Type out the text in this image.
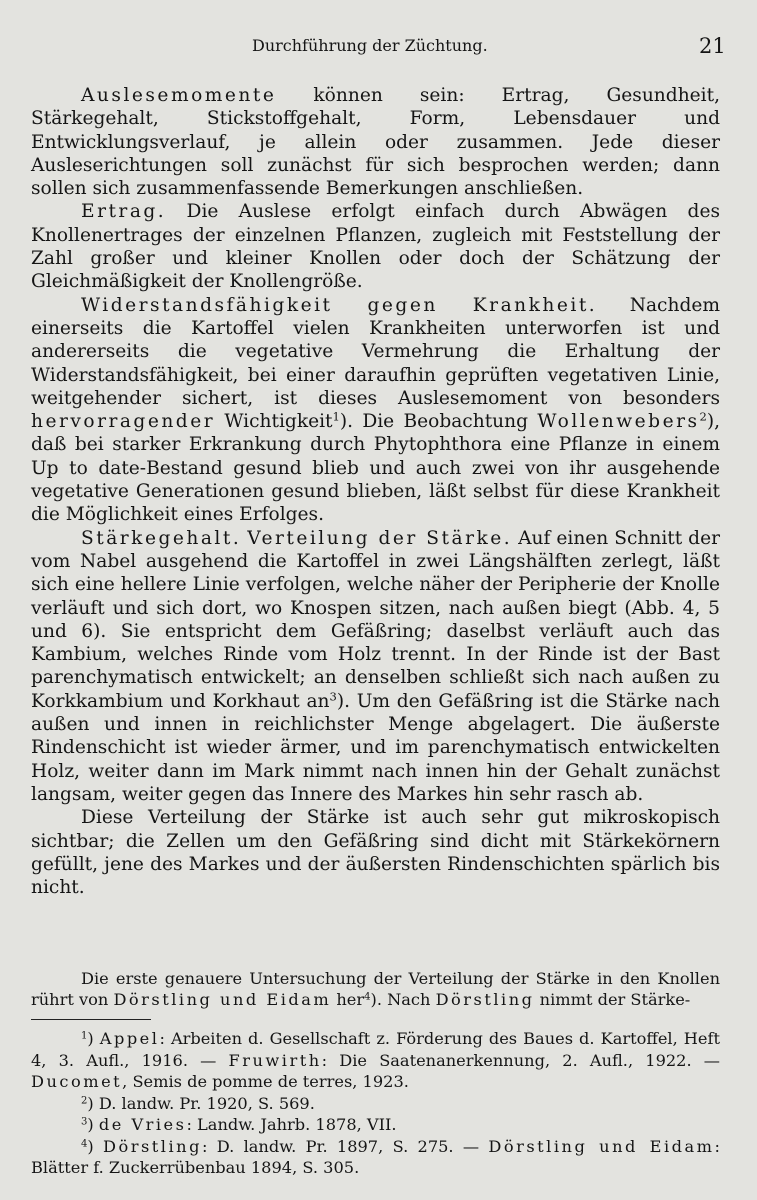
Durchführung der Züchtung.	21

Auslesemomente können sein: Ertrag, Gesundheit, Stärkegehalt, Stickstoffgehalt, Form, Lebensdauer und Entwicklungsverlauf, je allein oder zusammen. Jede dieser Ausleserichtungen soll zunächst für sich besprochen werden; dann sollen sich zusammenfassende Bemerkungen anschließen.

Ertrag. Die Auslese erfolgt einfach durch Abwägen des Knollenertrages der einzelnen Pflanzen, zugleich mit Feststellung der Zahl großer und kleiner Knollen oder doch der Schätzung der Gleichmäßigkeit der Knollengröße.

Widerstandsfähigkeit gegen Krankheit. Nachdem einerseits die Kartoffel vielen Krankheiten unterworfen ist und andererseits die vegetative Vermehrung die Erhaltung der Widerstandsfähigkeit, bei einer daraufhin geprüften vegetativen Linie, weitgehender sichert, ist dieses Auslesemoment von besonders hervorragender Wichtigkeit$^1$). Die Beobachtung Wollenwebers$^2$), daß bei starker Erkrankung durch Phytophthora eine Pflanze in einem Up to date-Bestand gesund blieb und auch zwei von ihr ausgehende vegetative Generationen gesund blieben, läßt selbst für diese Krankheit die Möglichkeit eines Erfolges.

Stärkegehalt. Verteilung der Stärke. Auf einen Schnitt der vom Nabel ausgehend die Kartoffel in zwei Längshälften zerlegt, läßt sich eine hellere Linie verfolgen, welche näher der Peripherie der Knolle verläuft und sich dort, wo Knospen sitzen, nach außen biegt (Abb. 4, 5 und 6). Sie entspricht dem Gefäßring; daselbst verläuft auch das Kambium, welches Rinde vom Holz trennt. In der Rinde ist der Bast parenchymatisch entwickelt; an denselben schließt sich nach außen zu Korkkambium und Korkhaut $an^3$). Um den Gefäßring ist die Stärke nach außen und innen in reichlichster Menge abgelagert. Die äußerste Rindenschicht ist wieder ärmer, und im parenchymatisch entwickelten Holz, weiter dann im Mark nimmt nach innen hin der Gehalt zunächst langsam, weiter gegen das Innere des Markes hin sehr rasch ab.

Diese Verteilung der Stärke ist auch sehr gut mikroskopisch sichtbar; die Zellen um den Gefäßring sind dicht mit Stärkekörnern gefüllt, jene des Markes und der äußersten Rindenschichten spärlich bis nicht.

Die erste genauere Untersuchung der Verteilung der Stärke in den Knollen rührt von Dörstling und Eidam her$^4$). Nach Dörstling nimmt der Stärke-

$^1$) Appel: Arbeiten d. Gesellschaft z. Förderung des Baues d. Kartoffel, Heft 4, 3. Aufl., 1916. — Fruwirth: Die Saatenanerkennung, 2. Aufl., 1922. — Ducomet, Semis de pomme de terres, 1923.

$^2$) D. landw. Pr. 1920, S. 569.

$^3$) de Vries: Landw. Jahrb. 1878, VII.

$^4$) Dörstling: D. landw. Pr. 1897, S. 275. — Dörstling und Eidam: Blätter f. Zuckerrübenbau 1894, S. 305.
